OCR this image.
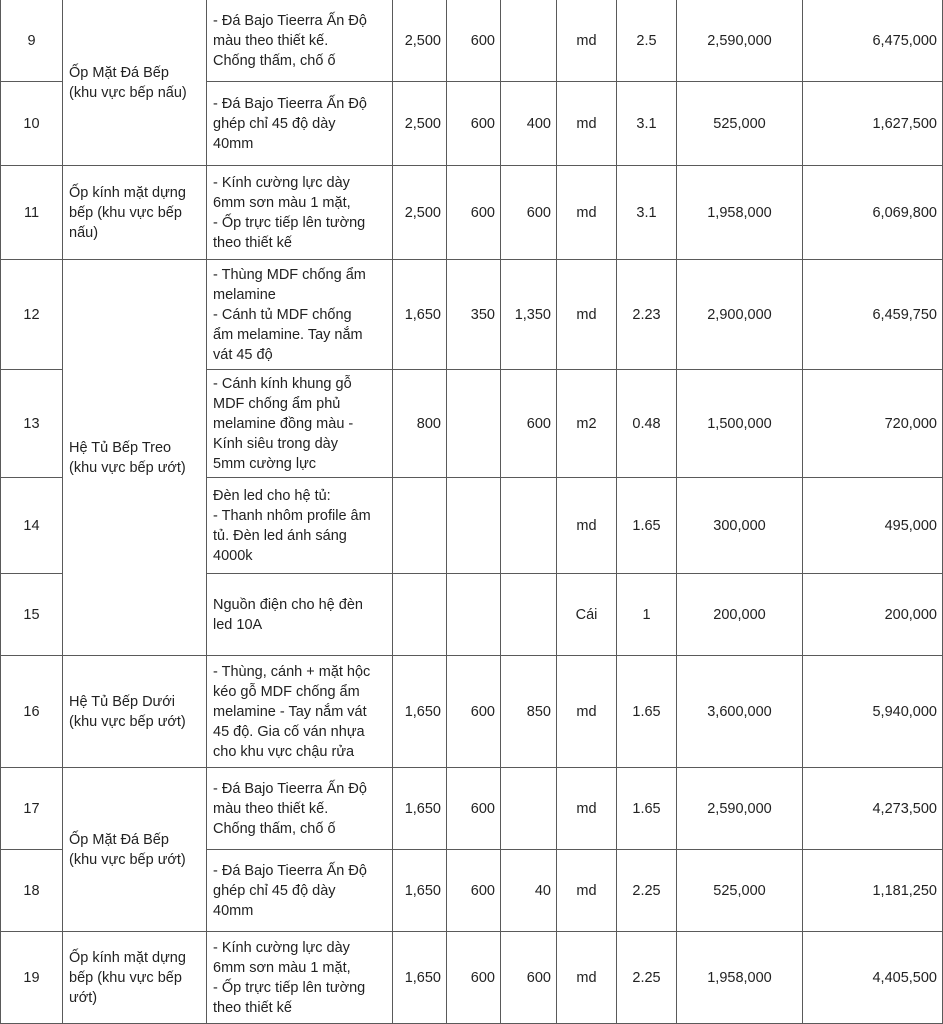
9	Ốp Mặt Đá Bếp
(khu vực bếp nấu)	- Đá Bajo Tieerra Ấn Độ
màu theo thiết kế.
Chống thấm, chố ố	2,500	600		md	2.5	2,590,000	6,475,000
10		- Đá Bajo Tieerra Ấn Độ
ghép chỉ 45 độ dày
40mm	2,500	600	400	md	3.1	525,000	1,627,500
11	Ốp kính mặt dựng
bếp (khu vực bếp
nấu)	- Kính cường lực dày
6mm sơn màu 1 mặt,
- Ốp trực tiếp lên tường
theo thiết kế	2,500	600	600	md	3.1	1,958,000	6,069,800
12	Hệ Tủ Bếp Treo
(khu vực bếp ướt)	- Thùng MDF chống ẩm
melamine
- Cánh tủ MDF chống
ẩm melamine. Tay nắm
vát 45 độ	1,650	350	1,350	md	2.23	2,900,000	6,459,750
13		- Cánh kính khung gỗ
MDF chống ẩm phủ
melamine đồng màu -
Kính siêu trong dày
5mm cường lực	800		600	m2	0.48	1,500,000	720,000
14		Đèn led cho hệ tủ:
- Thanh nhôm profile âm
tủ. Đèn led ánh sáng
4000k				md	1.65	300,000	495,000
15		Nguồn điện cho hệ đèn
led 10A				Cái	1	200,000	200,000
16	Hệ Tủ Bếp Dưới
(khu vực bếp ướt)	- Thùng, cánh + mặt hộc
kéo gỗ MDF chống ẩm
melamine - Tay nắm vát
45 độ. Gia cố ván nhựa
cho khu vực chậu rửa	1,650	600	850	md	1.65	3,600,000	5,940,000
17	Ốp Mặt Đá Bếp
(khu vực bếp ướt)	- Đá Bajo Tieerra Ấn Độ
màu theo thiết kế.
Chống thấm, chố ố	1,650	600		md	1.65	2,590,000	4,273,500
18		- Đá Bajo Tieerra Ấn Độ
ghép chỉ 45 độ dày
40mm	1,650	600	40	md	2.25	525,000	1,181,250
19	Ốp kính mặt dựng
bếp (khu vực bếp
ướt)	- Kính cường lực dày
6mm sơn màu 1 mặt,
- Ốp trực tiếp lên tường
theo thiết kế	1,650	600	600	md	2.25	1,958,000	4,405,500
